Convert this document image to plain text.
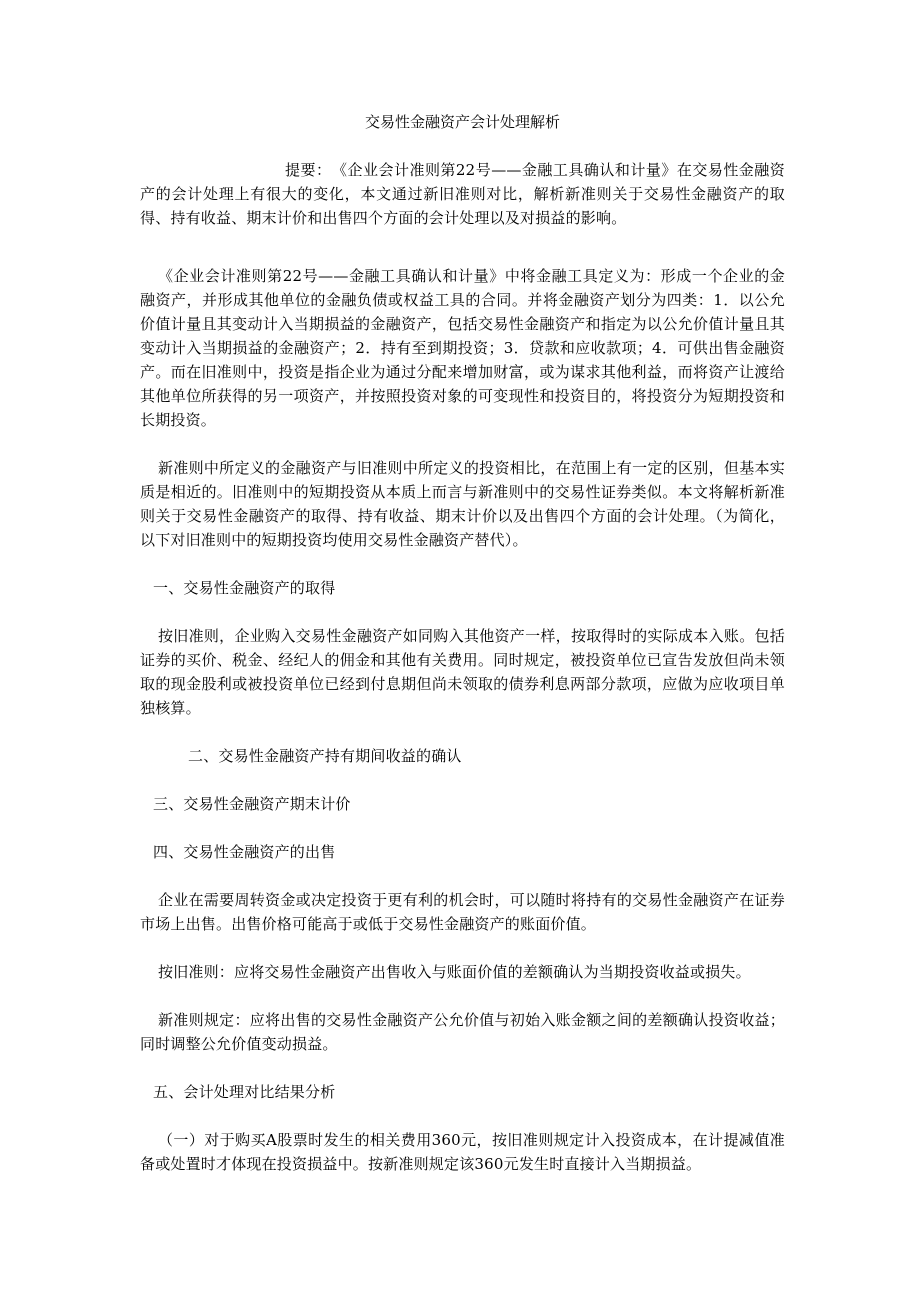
交易性金融资产会计处理解析

提要：　《企业会计准则第22号——金融工具确认和计量》在交易性金融资产的会计处理上有很大的变化，本文通过新旧准则对比，解析新准则关于交易性金融资产的取得、持有收益、期末计价和出售四个方面的会计处理以及对损益的影响。

《企业会计准则第22号——金融工具确认和计量》中将金融工具定义为：形成一个企业的金融资产，并形成其他单位的金融负债或权益工具的合同。并将金融资产划分为四类：1．以公允价值计量且其变动计入当期损益的金融资产，包括交易性金融资产和指定为以公允价值计量且其变动计入当期损益的金融资产；2．持有至到期投资；3．贷款和应收款项；4．可供出售金融资产。而在旧准则中，投资是指企业为通过分配来增加财富，或为谋求其他利益，而将资产让渡给其他单位所获得的另一项资产，并按照投资对象的可变现性和投资目的，将投资分为短期投资和长期投资。

新准则中所定义的金融资产与旧准则中所定义的投资相比，在范围上有一定的区别，但基本实质是相近的。旧准则中的短期投资从本质上而言与新准则中的交易性证券类似。本文将解析新准则关于交易性金融资产的取得、持有收益、期末计价以及出售四个方面的会计处理。（为简化，以下对旧准则中的短期投资均使用交易性金融资产替代）。

一、交易性金融资产的取得

按旧准则，企业购入交易性金融资产如同购入其他资产一样，按取得时的实际成本入账。包括证券的买价、税金、经纪人的佣金和其他有关费用。同时规定，被投资单位已宣告发放但尚未领取的现金股利或被投资单位已经到付息期但尚未领取的债券利息两部分款项，应做为应收项目单独核算。

二、交易性金融资产持有期间收益的确认

三、交易性金融资产期末计价

四、交易性金融资产的出售

企业在需要周转资金或决定投资于更有利的机会时，可以随时将持有的交易性金融资产在证券市场上出售。出售价格可能高于或低于交易性金融资产的账面价值。

按旧准则：应将交易性金融资产出售收入与账面价值的差额确认为当期投资收益或损失。

新准则规定：应将出售的交易性金融资产公允价值与初始入账金额之间的差额确认投资收益；同时调整公允价值变动损益。

五、会计处理对比结果分析

（一）对于购买A股票时发生的相关费用360元，按旧准则规定计入投资成本，在计提减值准备或处置时才体现在投资损益中。按新准则规定该360元发生时直接计入当期损益。
